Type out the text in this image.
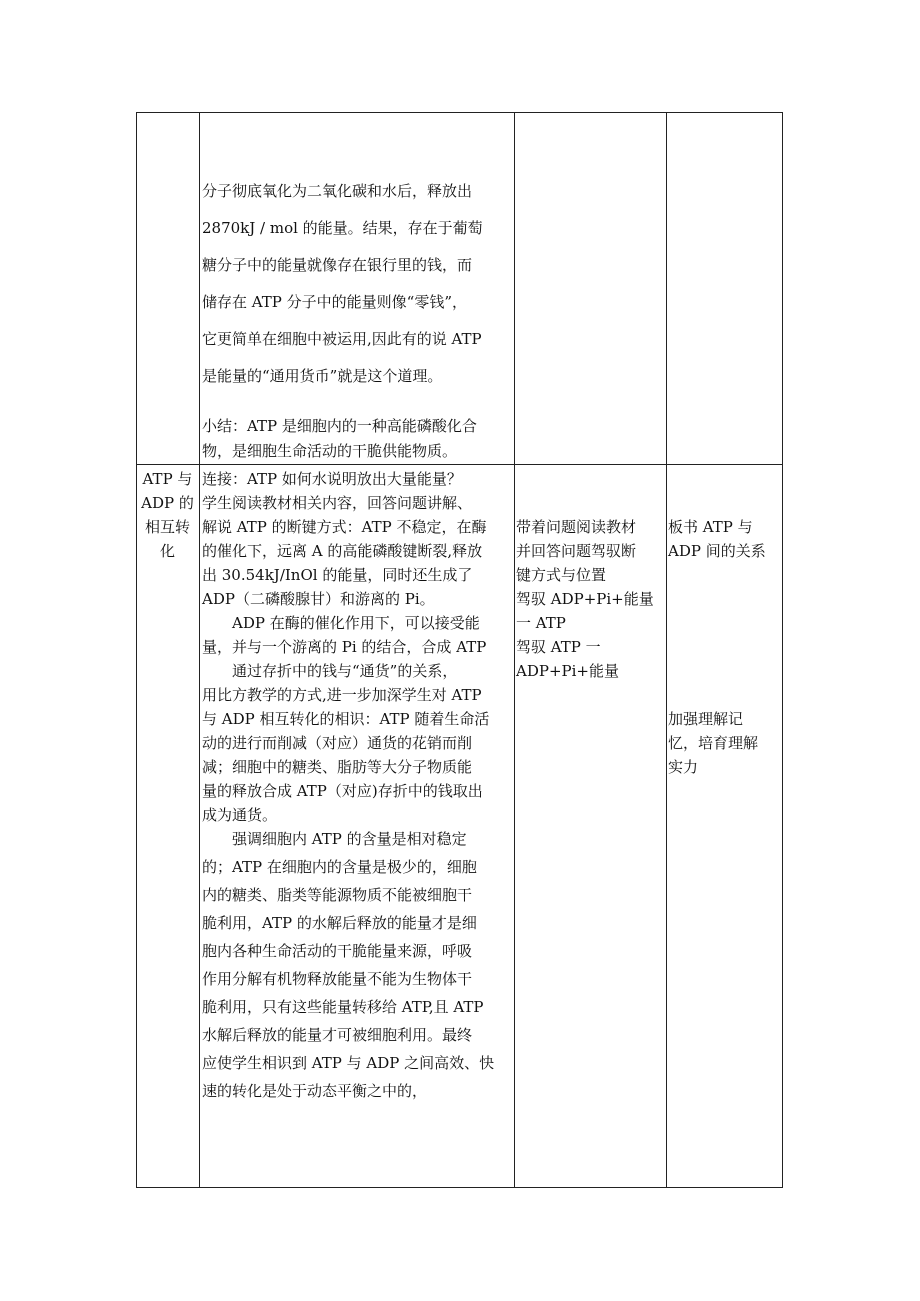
分子彻底氧化为二氧化碳和水后，释放出
2870kJ / mol 的能量。结果，存在于葡萄
糖分子中的能量就像存在银行里的钱，而
储存在 ATP 分子中的能量则像“零钱”，
它更简单在细胞中被运用,因此有的说 ATP
是能量的“通用货币”就是这个道理。
小结：ATP 是细胞内的一种高能磷酸化合
物，是细胞生命活动的干脆供能物质。
ATP 与
ADP 的
相互转
化
连接：ATP 如何水说明放出大量能量？
学生阅读教材相关内容，回答问题讲解、
解说 ATP 的断键方式：ATP 不稳定，在酶
的催化下，远离 A 的高能磷酸键断裂,释放
出 30.54kJ/InOl 的能量，同时还生成了
ADP（二磷酸腺甘）和游离的 Pi。
　　ADP 在酶的催化作用下，可以接受能
量，并与一个游离的 Pi 的结合，合成 ATP
　　通过存折中的钱与“通货”的关系，
用比方教学的方式,进一步加深学生对 ATP
与 ADP 相互转化的相识：ATP 随着生命活
动的进行而削减（对应）通货的花销而削
减；细胞中的糖类、脂肪等大分子物质能
量的释放合成 ATP（对应)存折中的钱取出
成为通货。
　　强调细胞内 ATP 的含量是相对稳定
的；ATP 在细胞内的含量是极少的，细胞
内的糖类、脂类等能源物质不能被细胞干
脆利用，ATP 的水解后释放的能量才是细
胞内各种生命活动的干脆能量来源，呼吸
作用分解有机物释放能量不能为生物体干
脆利用，只有这些能量转移给 ATP,且 ATP
水解后释放的能量才可被细胞利用。最终
应使学生相识到 ATP 与 ADP 之间高效、快
速的转化是处于动态平衡之中的，
带着问题阅读教材
并回答问题驾驭断
键方式与位置
驾驭 ADP+Pi+能量
一 ATP
驾驭 ATP 一
ADP+Pi+能量
板书 ATP 与
ADP 间的关系
加强理解记
忆，培育理解
实力
